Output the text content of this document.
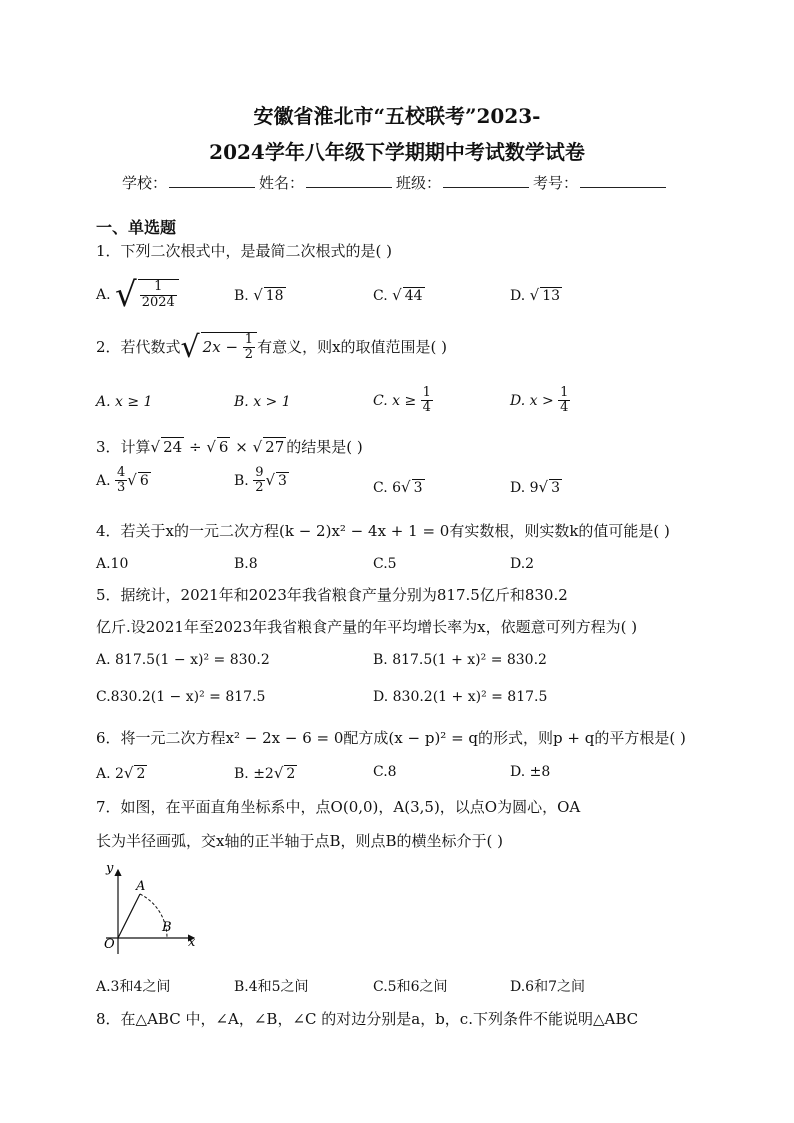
安徽省淮北市“五校联考”2023-
2024学年八年级下学期期中考试数学试卷
学校：	姓名：	班级：	考号：
一、单选题
1．下列二次根式中，是最简二次根式的是( )
A. √ $\frac{1}{2024}$	B. √ 18	C. √ 44	D. √ 13
2．若代数式√ $2x - \frac{1}{2}$ 有意义，则x的取值范围是( )
A. x ≥ 1	B. x > 1	C. $x \ge \frac{1}{4}$	D. $x > \frac{1}{4}$
3．计算√ 24 ÷ √ 6 × √ 27 的结果是( )
A. $\frac{4}{3}$ √ 6	B. $\frac{9}{2}$ √ 3	C. 6√ 3	D. 9√ 3
4．若关于x的一元二次方程(k − 2)x² − 4x + 1 = 0有实数根，则实数k的值可能是( )
A.10	B.8	C.5	D.2
5．据统计，2021年和2023年我省粮食产量分别为817.5亿斤和830.2
亿斤.设2021年至2023年我省粮食产量的年平均增长率为x，依题意可列方程为( )
A. 817.5(1 − x)² = 830.2	B. 817.5(1 + x)² = 830.2
C.830.2(1 − x)² = 817.5	D. 830.2(1 + x)² = 817.5
6．将一元二次方程x² − 2x − 6 = 0配方成(x − p)² = q的形式，则p + q的平方根是( )
A. 2√ 2	B. ±2√ 2	C.8	D. ±8
7．如图，在平面直角坐标系中，点O(0,0)，A(3,5)，以点O为圆心，OA
长为半径画弧，交x轴的正半轴于点B，则点B的横坐标介于( )
y
x
O
A
B
A.3和4之间	B.4和5之间	C.5和6之间	D.6和7之间
8．在△ABC 中，∠A，∠B，∠C 的对边分别是a，b，c.下列条件不能说明△ABC
